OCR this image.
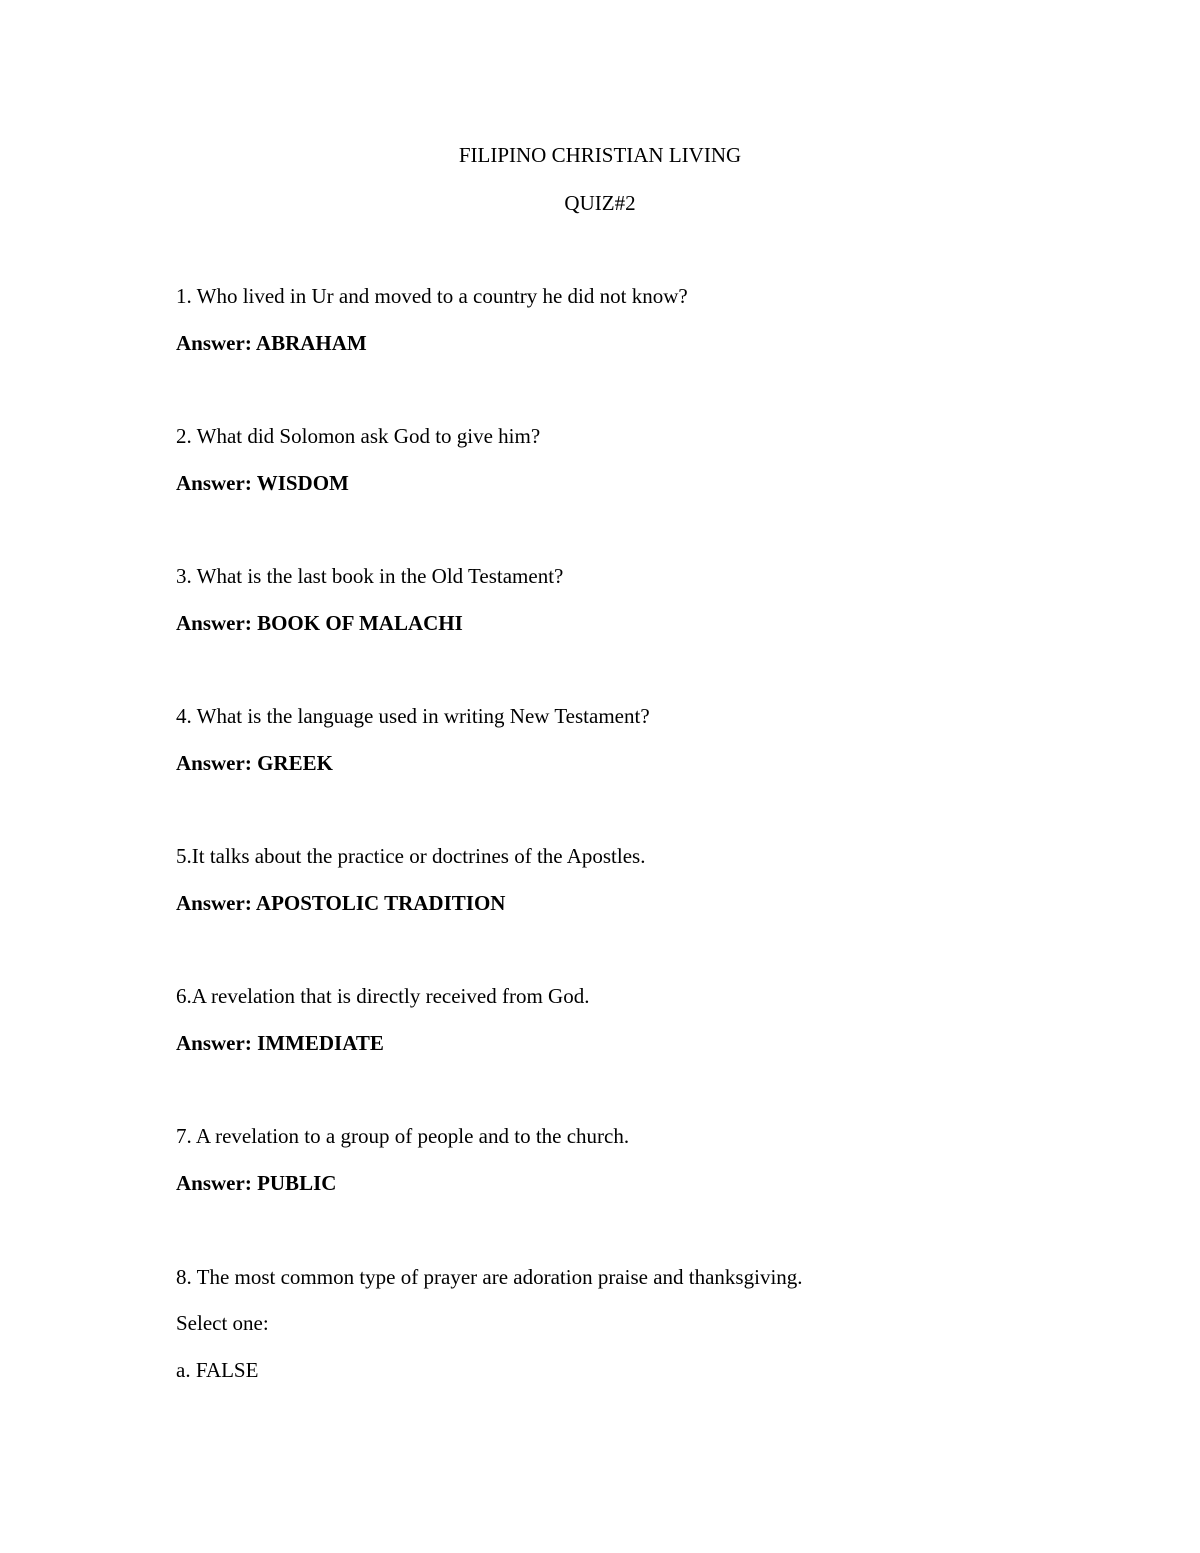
FILIPINO CHRISTIAN LIVING
QUIZ#2
1. Who lived in Ur and moved to a country he did not know?
Answer: ABRAHAM
2. What did Solomon ask God to give him?
Answer: WISDOM
3. What is the last book in the Old Testament?
Answer: BOOK OF MALACHI
4. What is the language used in writing New Testament?
Answer: GREEK
5.It talks about the practice or doctrines of the Apostles.
Answer: APOSTOLIC TRADITION
6.A revelation that is directly received from God.
Answer: IMMEDIATE
7. A revelation to a group of people and to the church.
Answer: PUBLIC
8. The most common type of prayer are adoration praise and thanksgiving.
Select one:
a. FALSE
